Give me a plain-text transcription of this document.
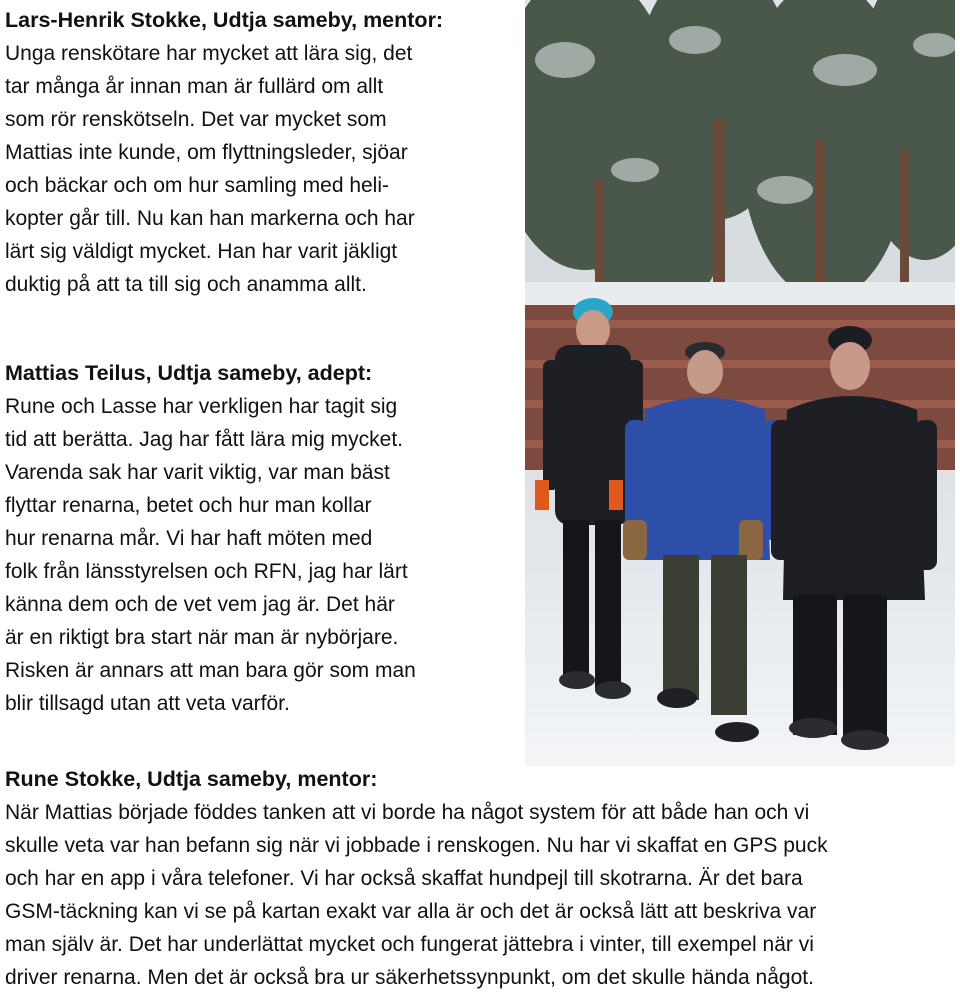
Lars-Henrik Stokke, Udtja sameby, mentor:

Unga renskötare har mycket att lära sig, det
tar många år innan man är fullärd om allt
som rör renskötseln. Det var mycket som
Mattias inte kunde, om flyttningsleder, sjöar
och bäckar och om hur samling med heli-
kopter går till. Nu kan han markerna och har
lärt sig väldigt mycket. Han har varit jäkligt
duktig på att ta till sig och anamma allt.

Mattias Teilus, Udtja sameby, adept:

Rune och Lasse har verkligen har tagit sig
tid att berätta. Jag har fått lära mig mycket.
Varenda sak har varit viktig, var man bäst
flyttar renarna, betet och hur man kollar
hur renarna mår. Vi har haft möten med
folk från länsstyrelsen och RFN, jag har lärt
känna dem och de vet vem jag är. Det här
är en riktigt bra start när man är nybörjare.
Risken är annars att man bara gör som man
blir tillsagd utan att veta varför.

Rune Stokke, Udtja sameby, mentor:

När Mattias började föddes tanken att vi borde ha något system för att både han och vi
skulle veta var han befann sig när vi jobbade i renskogen. Nu har vi skaffat en GPS puck
och har en app i våra telefoner. Vi har också skaffat hundpejl till skotrarna. Är det bara
GSM-täckning kan vi se på kartan exakt var alla är och det är också lätt att beskriva var
man själv är. Det har underlättat mycket och fungerat jättebra i vinter, till exempel när vi
driver renarna. Men det är också bra ur säkerhetssynpunkt, om det skulle hända något.
